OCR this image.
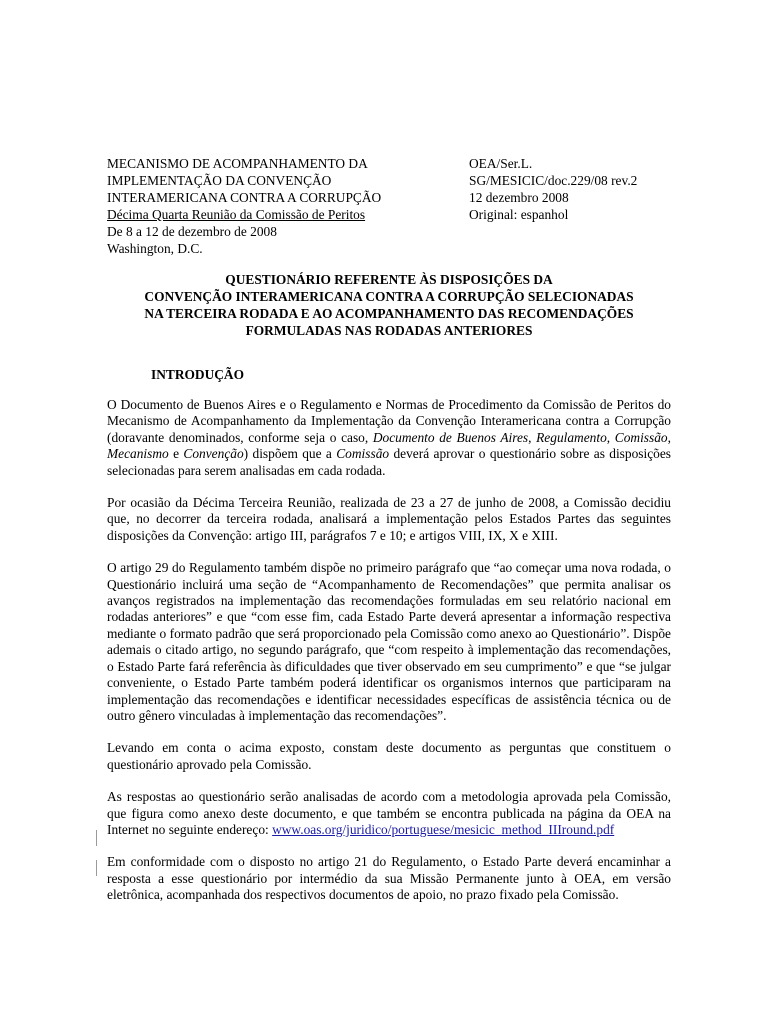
MECANISMO DE ACOMPANHAMENTO DA
IMPLEMENTAÇÃO DA CONVENÇÃO
INTERAMERICANA CONTRA A CORRUPÇÃO
Décima Quarta Reunião da Comissão de Peritos
De 8 a 12 de dezembro de 2008
Washington, D.C.
OEA/Ser.L.
SG/MESICIC/doc.229/08 rev.2
12 dezembro 2008
Original: espanhol
QUESTIONÁRIO REFERENTE ÀS DISPOSIÇÕES DA
CONVENÇÃO INTERAMERICANA CONTRA A CORRUPÇÃO SELECIONADAS
NA TERCEIRA RODADA E AO ACOMPANHAMENTO DAS RECOMENDAÇÕES
FORMULADAS NAS RODADAS ANTERIORES
INTRODUÇÃO

O Documento de Buenos Aires e o Regulamento e Normas de Procedimento da Comissão de Peritos do Mecanismo de Acompanhamento da Implementação da Convenção Interamericana contra a Corrupção (doravante denominados, conforme seja o caso, Documento de Buenos Aires, Regulamento, Comissão, Mecanismo e Convenção) dispõem que a Comissão deverá aprovar o questionário sobre as disposições selecionadas para serem analisadas em cada rodada.

Por ocasião da Décima Terceira Reunião, realizada de 23 a 27 de junho de 2008, a Comissão decidiu que, no decorrer da terceira rodada, analisará a implementação pelos Estados Partes das seguintes disposições da Convenção: artigo III, parágrafos 7 e 10; e artigos VIII, IX, X e XIII.

O artigo 29 do Regulamento também dispõe no primeiro parágrafo que “ao começar uma nova rodada, o Questionário incluirá uma seção de “Acompanhamento de Recomendações” que permita analisar os avanços registrados na implementação das recomendações formuladas em seu relatório nacional em rodadas anteriores” e que “com esse fim, cada Estado Parte deverá apresentar a informação respectiva mediante o formato padrão que será proporcionado pela Comissão como anexo ao Questionário”. Dispõe ademais o citado artigo, no segundo parágrafo, que “com respeito à implementação das recomendações, o Estado Parte fará referência às dificuldades que tiver observado em seu cumprimento” e que “se julgar conveniente, o Estado Parte também poderá identificar os organismos internos que participaram na implementação das recomendações e identificar necessidades específicas de assistência técnica ou de outro gênero vinculadas à implementação das recomendações”.

Levando em conta o acima exposto, constam deste documento as perguntas que constituem o questionário aprovado pela Comissão.

As respostas ao questionário serão analisadas de acordo com a metodologia aprovada pela Comissão, que figura como anexo deste documento, e que também se encontra publicada na página da OEA na Internet no seguinte endereço: www.oas.org/juridico/portuguese/mesicic_method_IIIround.pdf

Em conformidade com o disposto no artigo 21 do Regulamento, o Estado Parte deverá encaminhar a resposta a esse questionário por intermédio da sua Missão Permanente junto à OEA, em versão eletrônica, acompanhada dos respectivos documentos de apoio, no prazo fixado pela Comissão.
